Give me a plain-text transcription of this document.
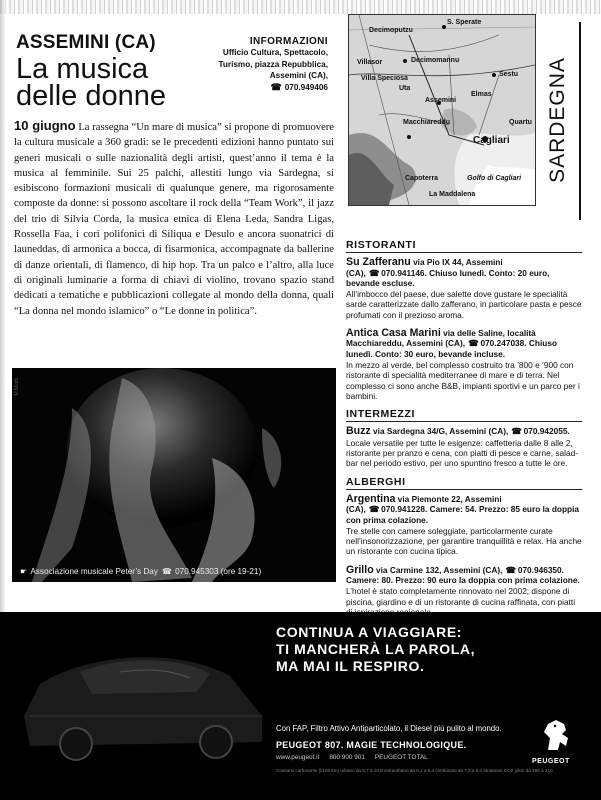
ASSEMINI (CA)
La musica
delle donne
INFORMAZIONI
Ufficio Cultura, Spettacolo,
Turismo, piazza Repubblica,
Assemini (CA),
☎ 070.949406
S. Sperate
Decimoputzu
Villasor	Decimomannu
Sestu
Villa Speciosa
Uta
Assemini
Elmas
Quartu
Cagliari
Macchiareddu
Capoterra	Golfo di Cagliari
La Maddalena
SARDEGNA
10 giugno La rassegna “Un mare di musica” si propone di promuovere la cultura musicale a 360 gradi: se le precedenti edizioni hanno puntato sui generi musicali o sulle nazionalità degli artisti, quest’anno il tema è la musica al femminile. Sui 25 palchi, allestiti lungo via Sardegna, si esibiscono formazioni musicali di qualunque genere, ma rigorosamente composte da donne: si possono ascoltare il rock della “Team Work”, il jazz del trio di Silvia Corda, la musica etnica di Elena Leda, Sandra Ligas, Rossella Faa, i cori polifonici di Siliqua e Desulo e ancora suonatrici di launeddas, di armonica a bocca, di fisarmonica, accompagnate da ballerine di danze orientali, di flamenco, di hip hop. Tra un palco e l’altro, alla luce di originali luminarie a forma di chiavi di violino, trovano spazio stand dedicati a tematiche e pubblicazioni collegate al mondo della donna, quali “La donna nel mondo islamico” o “Le donne in politica”.
M.Miotti
☛ Associazione musicale Peter’s Day ☎ 070.945303 (ore 19-21)
RISTORANTI
Su Zafferanu via Pio IX 44, Assemini (CA), ☎ 070.941146. Chiuso lunedì. Conto: 20 euro, bevande escluse.
All’imbocco del paese, due salette dove gustare le specialità sarde caratterizzate dallo zafferano, in particolare pasta e pesce profumati con il prezioso aroma.
Antica Casa Marini via delle Saline, località Macchiareddu, Assemini (CA), ☎ 070.247038. Chiuso lunedì. Conto: 30 euro, bevande incluse.
In mezzo al verde, bel complesso costruito tra ’800 e ’900 con ristorante di specialità mediterranee di mare e di terra. Nel complesso ci sono anche B&B, impianti sportivi e un parco per i bambini.
INTERMEZZI
Buzz via Sardegna 34/G, Assemini (CA), ☎ 070.942055.
Locale versatile per tutte le esigenze: caffetteria dalle 8 alle 2, ristorante per pranzo e cena, con piatti di pesce e carne, salad-bar nel periodo estivo, per uno spuntino fresco a tutte le ore.
ALBERGHI
Argentina via Piemonte 22, Assemini (CA), ☎ 070.941228. Camere: 54. Prezzo: 85 euro la doppia con prima colazione.
Tre stelle con camere soleggiate, particolarmente curate nell’insonorizzazione, per garantire tranquillità e relax. Ha anche un ristorante con cucina tipica.
Grillo via Carmine 132, Assemini (CA), ☎ 070.946350. Camere: 80. Prezzo: 90 euro la doppia con prima colazione.
L’hotel è stato completamente rinnovato nel 2002; dispone di piscina, giardino e di un ristorante di cucina raffinata, con piatti
CONTINUA A VIAGGIARE:
TI MANCHERÀ LA PAROLA,
MA MAI IL RESPIRO.
Con FAP, Filtro Attivo Antiparticolato, il Diesel più pulito al mondo.
PEUGEOT 807. MAGIE TECHNOLOGIQUE.
www.peugeot.it 800 900 901 PEUGEOT TOTAL
Consumi carburante (l/100 km) urbano da 9,7 a 10,8 extraurbano da 6,1 a 6,4 combinato da 7,3 a 8,0 emissioni CO2 g/km da 196 a 210.
PEUGEOT
